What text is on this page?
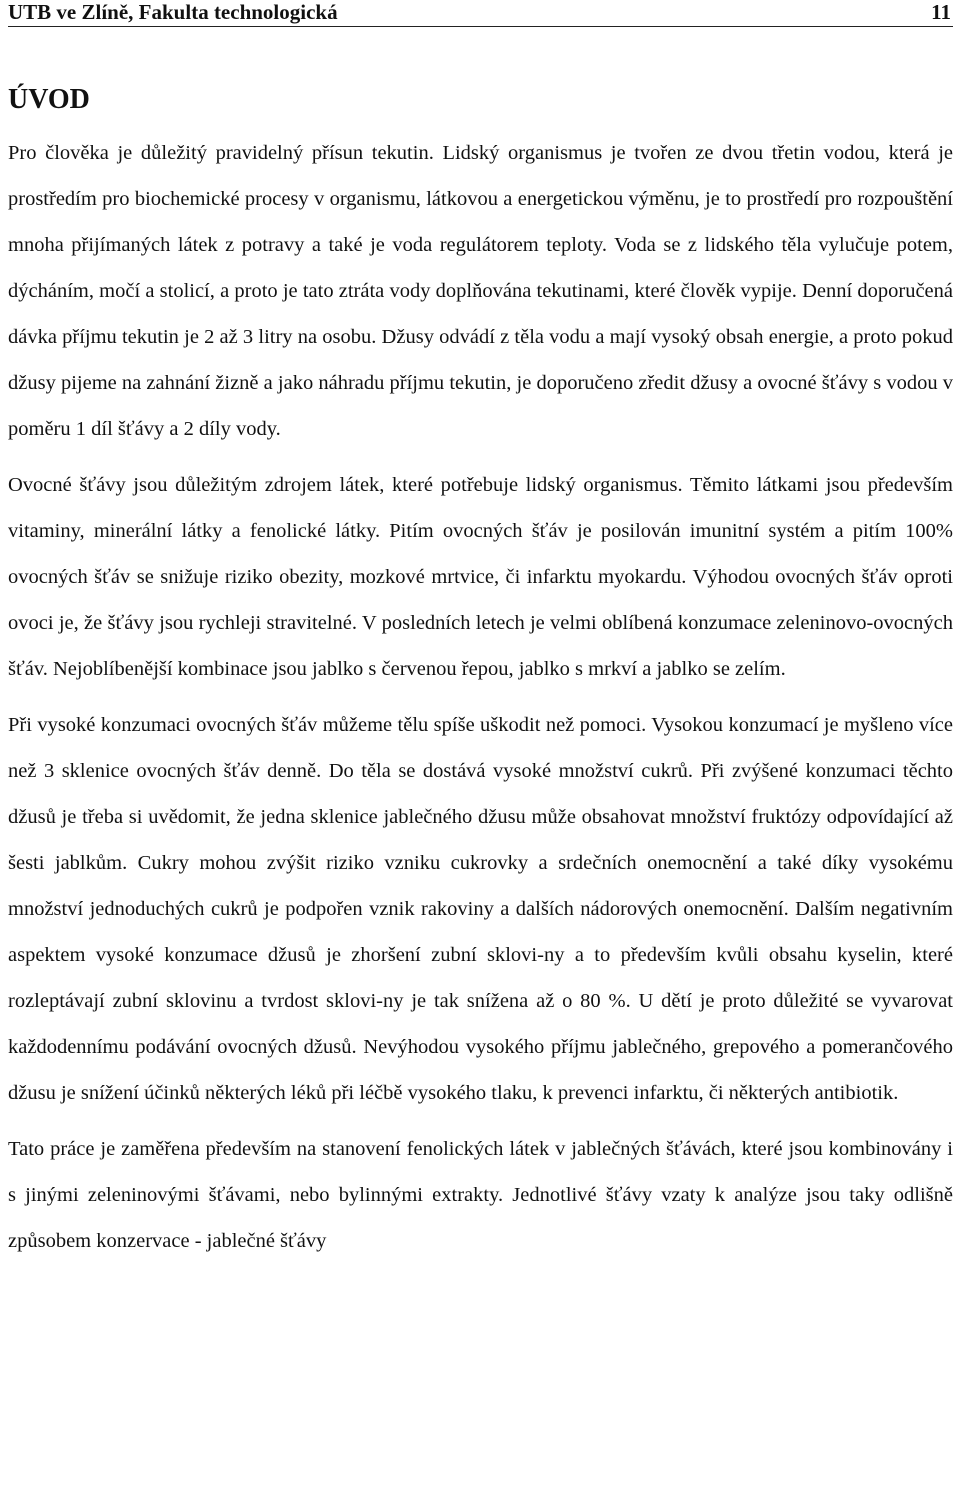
UTB ve Zlíně, Fakulta technologická	11
ÚVOD

Pro člověka je důležitý pravidelný přísun tekutin. Lidský organismus je tvořen ze dvou třetin vodou, která je prostředím pro biochemické procesy v organismu, látkovou a energetickou výměnu, je to prostředí pro rozpouštění mnoha přijímaných látek z potravy a také je voda regulátorem teploty. Voda se z lidského těla vylučuje potem, dýcháním, močí a stolicí, a proto je tato ztráta vody doplňována tekutinami, které člověk vypije. Denní doporučená dávka příjmu tekutin je 2 až 3 litry na osobu. Džusy odvádí z těla vodu a mají vysoký obsah energie, a proto pokud džusy pijeme na zahnání žizně a jako náhradu příjmu tekutin, je doporučeno zředit džusy a ovocné šťávy s vodou v poměru 1 díl šťávy a 2 díly vody.

Ovocné šťávy jsou důležitým zdrojem látek, které potřebuje lidský organismus. Těmito látkami jsou především vitaminy, minerální látky a fenolické látky. Pitím ovocných šťáv je posilován imunitní systém a pitím 100% ovocných šťáv se snižuje riziko obezity, mozkové mrtvice, či infarktu myokardu. Výhodou ovocných šťáv oproti ovoci je, že šťávy jsou rychleji stravitelné. V posledních letech je velmi oblíbená konzumace zeleninovo-ovocných šťáv. Nejoblíbenější kombinace jsou jablko s červenou řepou, jablko s mrkví a jablko se zelím.

Při vysoké konzumaci ovocných šťáv můžeme tělu spíše uškodit než pomoci. Vysokou konzumací je myšleno více než 3 sklenice ovocných šťáv denně. Do těla se dostává vysoké množství cukrů. Při zvýšené konzumaci těchto džusů je třeba si uvědomit, že jedna sklenice jablečného džusu může obsahovat množství fruktózy odpovídající až šesti jablkům. Cukry mohou zvýšit riziko vzniku cukrovky a srdečních onemocnění a také díky vysokému množství jednoduchých cukrů je podpořen vznik rakoviny a dalších nádorových onemocnění. Dalším negativním aspektem vysoké konzumace džusů je zhoršení zubní sklovi-ny a to především kvůli obsahu kyselin, které rozleptávají zubní sklovinu a tvrdost sklovi-ny je tak snížena až o 80 %. U dětí je proto důležité se vyvarovat každodennímu podávání ovocných džusů. Nevýhodou vysokého příjmu jablečného, grepového a pomerančového džusu je snížení účinků některých léků při léčbě vysokého tlaku, k prevenci infarktu, či některých antibiotik.

Tato práce je zaměřena především na stanovení fenolických látek v jablečných šťávách, které jsou kombinovány i s jinými zeleninovými šťávami, nebo bylinnými extrakty. Jednotlivé šťávy vzaty k analýze jsou taky odlišně způsobem konzervace - jablečné šťávy
